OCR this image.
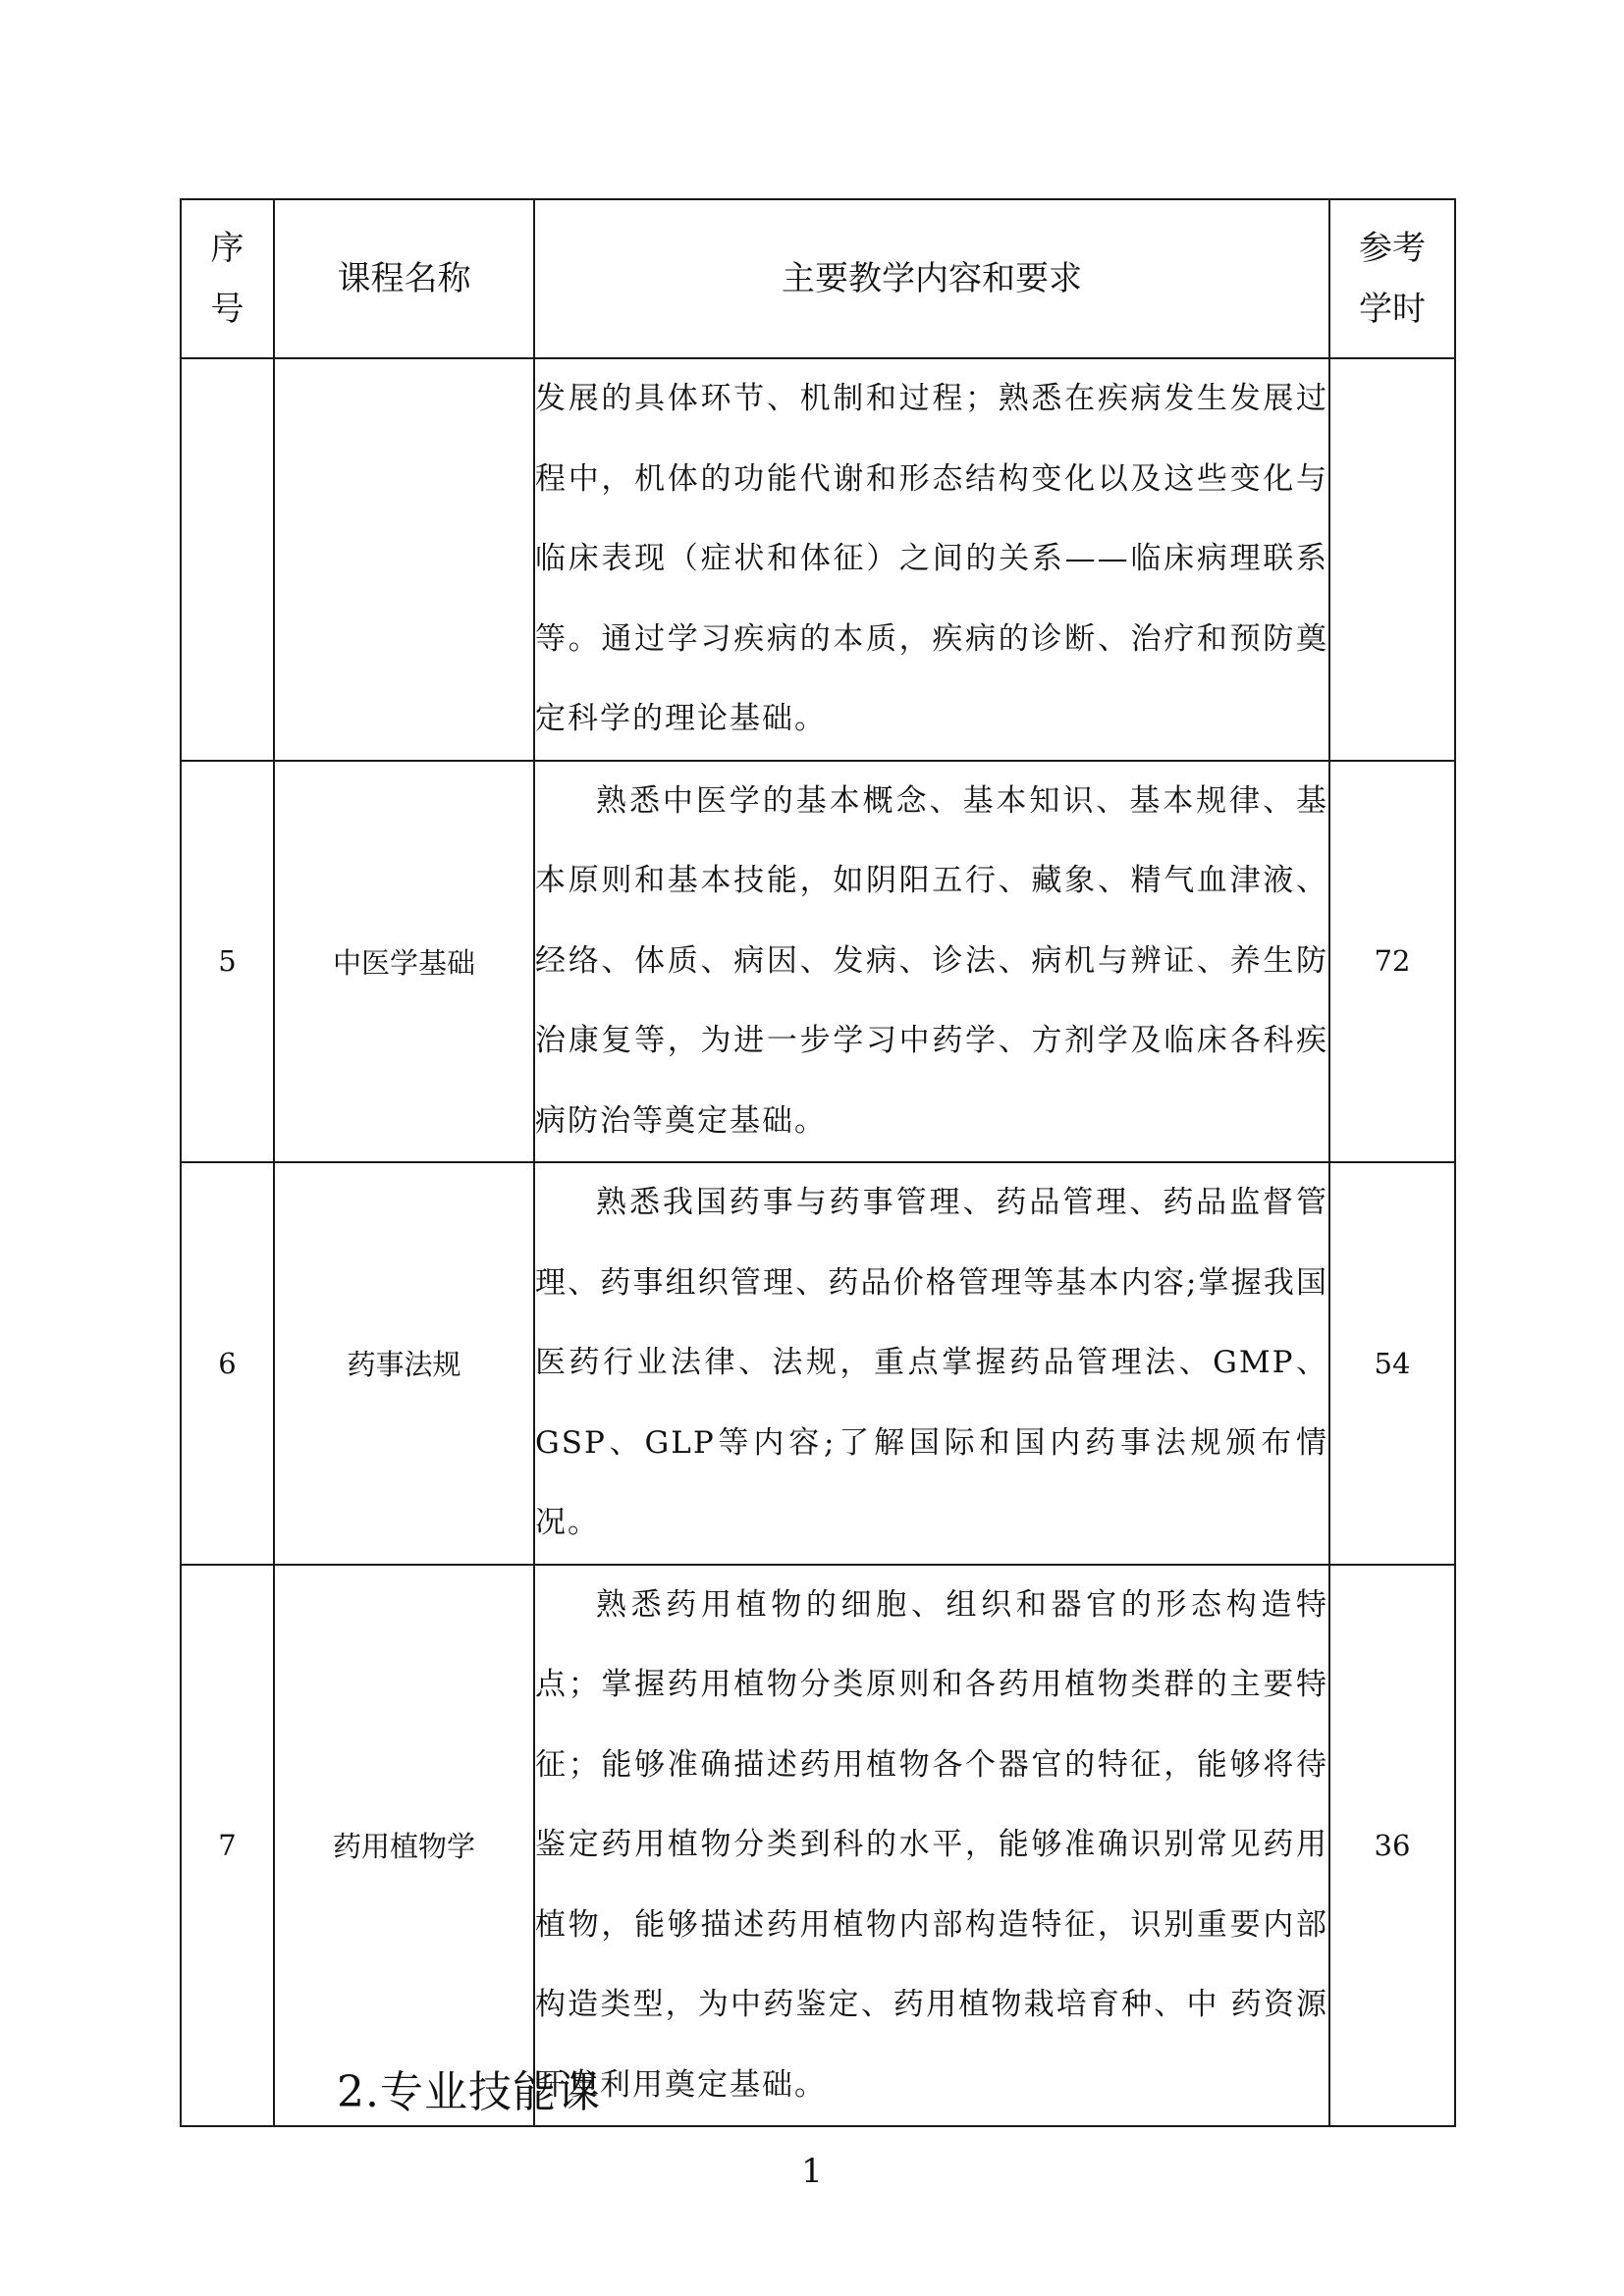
序号	课程名称	主要教学内容和要求	参考学时

		发展的具体环节、机制和过程；熟悉在疾病发生发展过程中，机体的功能代谢和形态结构变化以及这些变化与临床表现（症状和体征）之间的关系——临床病理联系等。通过学习疾病的本质，疾病的诊断、治疗和预防奠定科学的理论基础。	

5	中医学基础	熟悉中医学的基本概念、基本知识、基本规律、基本原则和基本技能，如阴阳五行、藏象、精气血津液、经络、体质、病因、发病、诊法、病机与辨证、养生防治康复等，为进一步学习中药学、方剂学及临床各科疾病防治等奠定基础。	72
6	药事法规	熟悉我国药事与药事管理、药品管理、药品监督管理、药事组织管理、药品价格管理等基本内容;掌握我国医药行业法律、法规，重点掌握药品管理法、GMP、GSP、GLP等内容;了解国际和国内药事法规颁布情况。	54
7	药用植物学	熟悉药用植物的细胞、组织和器官的形态构造特点；掌握药用植物分类原则和各药用植物类群的主要特征；能够准确描述药用植物各个器官的特征，能够将待鉴定药用植物分类到科的水平，能够准确识别常见药用植物，能够描述药用植物内部构造特征，识别重要内部构造类型，为中药鉴定、药用植物栽培育种、中 药资源开发利用奠定基础。	36
2.专业技能课
1
